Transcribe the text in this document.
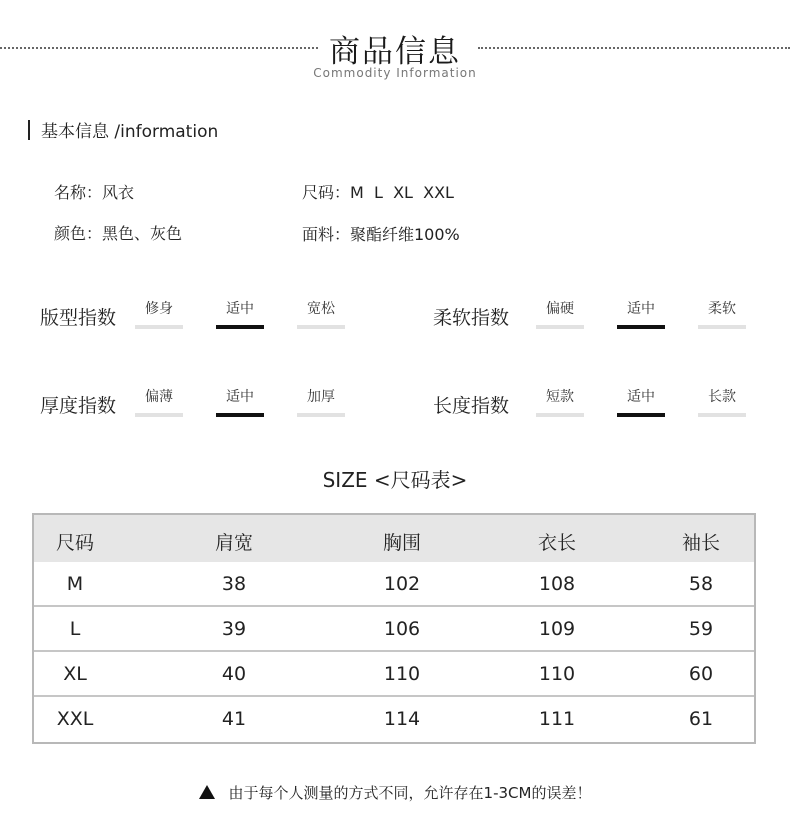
商品信息
Commodity Information
基本信息 /information
名称：风衣	尺码：M  L  XL  XXL
颜色：黑色、灰色	面料：聚酯纤维100%
版型指数	修身	适中	宽松	柔软指数	偏硬	适中	柔软
厚度指数	偏薄	适中	加厚	长度指数	短款	适中	长款
SIZE <尺码表>
尺码	肩宽	胸围	衣长	袖长
M	38	102	108	58
L	39	106	109	59
XL	40	110	110	60
XXL	41	114	111	61
由于每个人测量的方式不同，允许存在1-3CM的误差！
